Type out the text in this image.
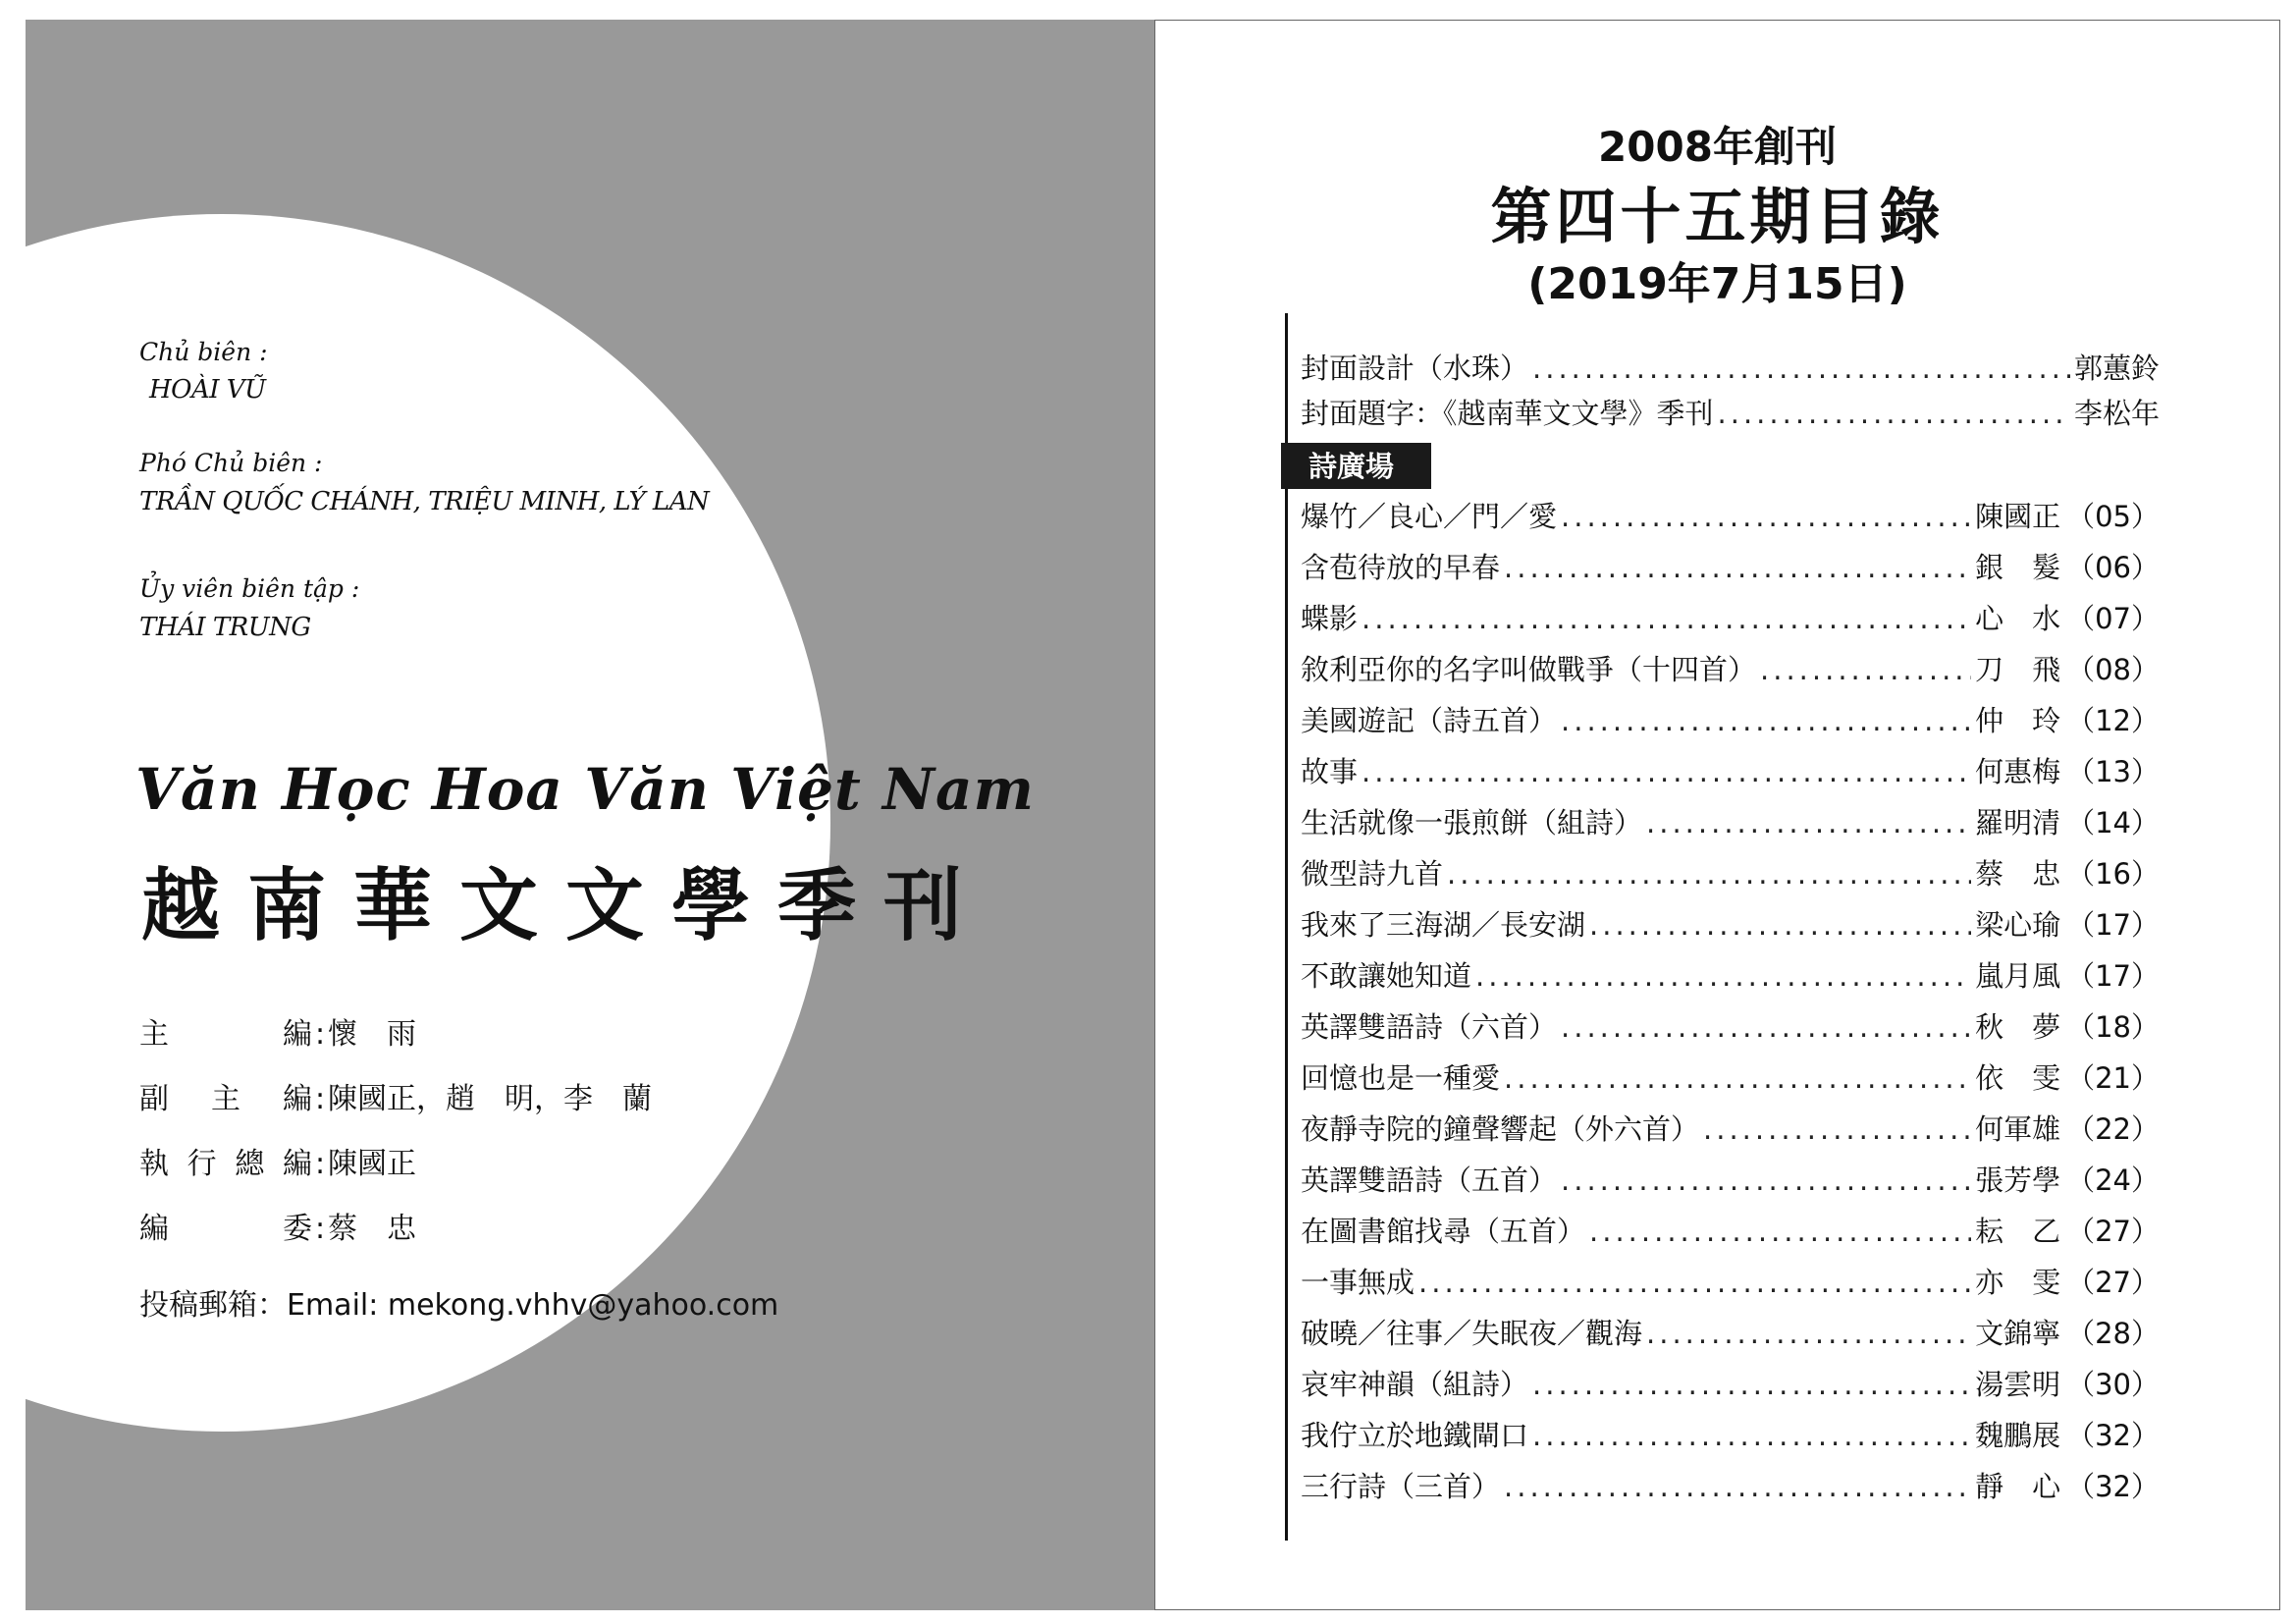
Chủ biên :
HOÀI VŨ
Phó Chủ biên :
TRẦN QUỐC CHÁNH, TRIỆU MINH, LÝ LAN
Ủy viên biên tập :
THÁI TRUNG
Văn Học Hoa Văn Việt Nam
越南華文文學季刊
主　編:懷　雨
副主編:陳國正，趙　明，李　蘭
執行總編:陳國正
編　委:蔡　忠
投稿郵箱：Email: mekong.vhhv@yahoo.com
2008年創刊
第四十五期目錄
(2019年7月15日)
封面設計（水珠） .....	郭蕙鈴
封面題字：《越南華文文學》季刊 .....	李松年
詩廣場
爆竹／良心／門／愛 .....	陳國正 （05）
含苞待放的早春 .....	銀　髮 （06）
蝶影 .....	心　水 （07）
敘利亞你的名字叫做戰爭（十四首） .....	刀　飛 （08）
美國遊記（詩五首） .....	仲　玲 （12）
故事 .....	何惠梅 （13）
生活就像一張煎餅（組詩） .....	羅明清 （14）
微型詩九首 .....	蔡　忠 （16）
我來了三海湖／長安湖 .....	梁心瑜 （17）
不敢讓她知道 .....	嵐月風 （17）
英譯雙語詩（六首） .....	秋　夢 （18）
回憶也是一種愛 .....	依　雯 （21）
夜靜寺院的鐘聲響起（外六首） .....	何軍雄 （22）
英譯雙語詩（五首） .....	張芳學 （24）
在圖書館找尋（五首） .....	耘　乙 （27）
一事無成 .....	亦　雯 （27）
破曉／往事／失眠夜／觀海 .....	文錦寧 （28）
哀牢神韻（組詩） .....	湯雲明 （30）
我佇立於地鐵閘口 .....	魏鵬展 （32）
三行詩（三首） .....	靜　心 （32）
